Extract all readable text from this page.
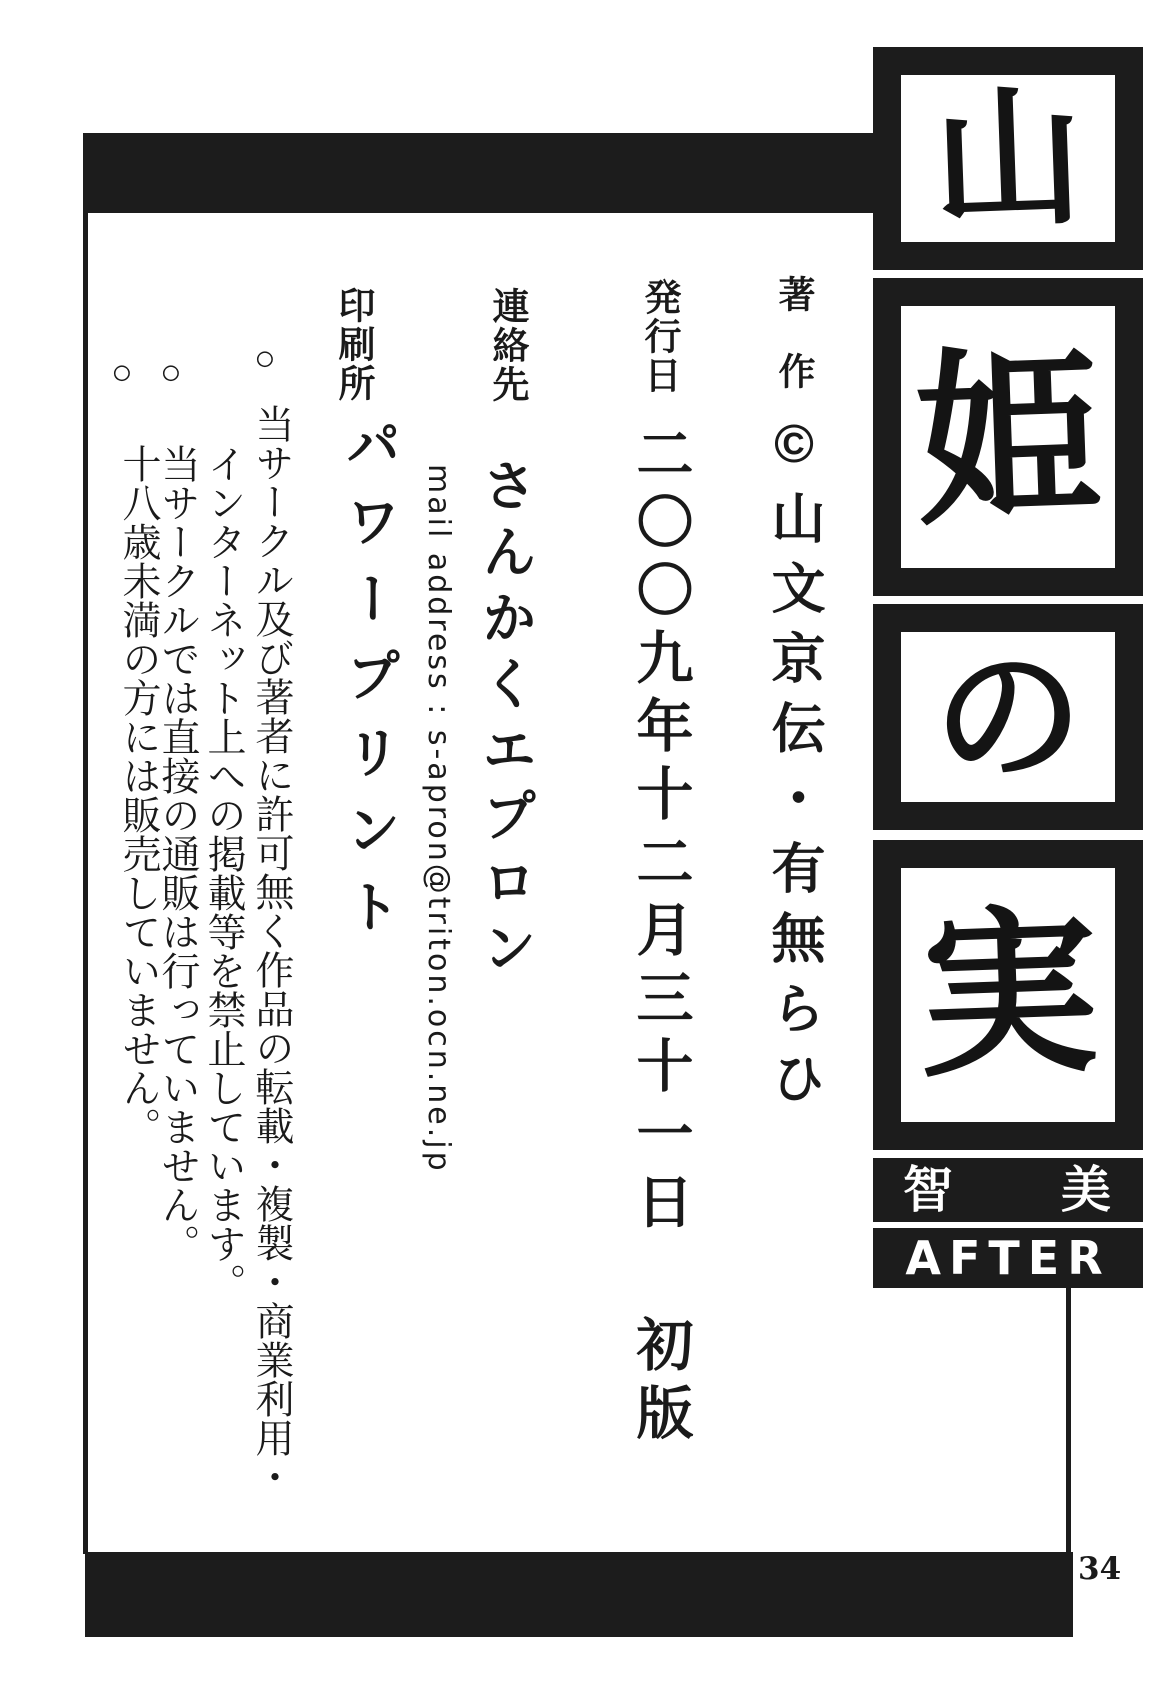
山
姫
の
実
智 美
AFTER
著作
©山文京伝・有無らひ
発行日
二〇〇九年十二月三十一日 初版
連絡先
さんかくエプロン
mail address : s-apron@triton.ocn.ne.jp
印刷所
パワープリント
○
当サークル及び著者に許可無く作品の転載・複製・商業利用・
インターネット上への掲載等を禁止しています。
○
当サークルでは直接の通販は行っていません。
○
十八歳未満の方には販売していません。
34
